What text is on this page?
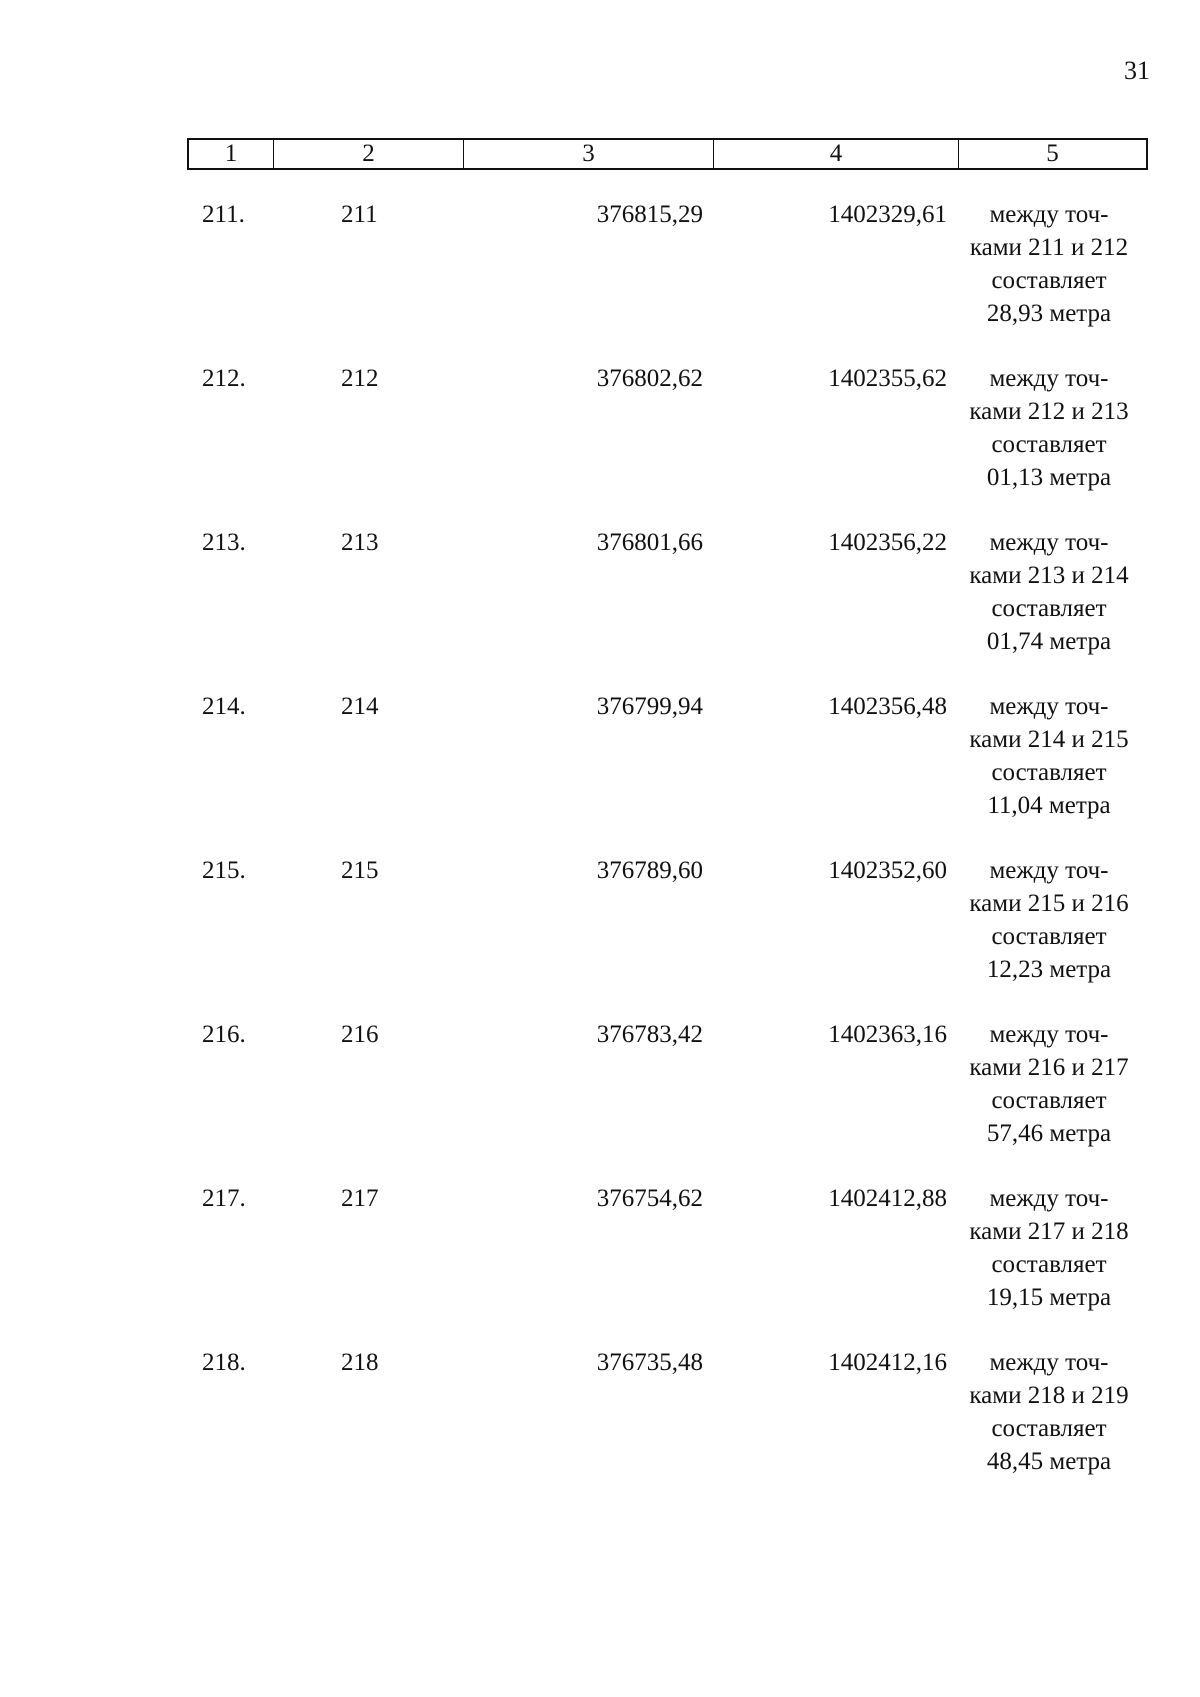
31
1	2	3	4	5
211.	211	376815,29	1402329,61	между точ-
ками 211 и 212
составляет
28,93 метра
212.	212	376802,62	1402355,62	между точ-
ками 212 и 213
составляет
01,13 метра
213.	213	376801,66	1402356,22	между точ-
ками 213 и 214
составляет
01,74 метра
214.	214	376799,94	1402356,48	между точ-
ками 214 и 215
составляет
11,04 метра
215.	215	376789,60	1402352,60	между точ-
ками 215 и 216
составляет
12,23 метра
216.	216	376783,42	1402363,16	между точ-
ками 216 и 217
составляет
57,46 метра
217.	217	376754,62	1402412,88	между точ-
ками 217 и 218
составляет
19,15 метра
218.	218	376735,48	1402412,16	между точ-
ками 218 и 219
составляет
48,45 метра
